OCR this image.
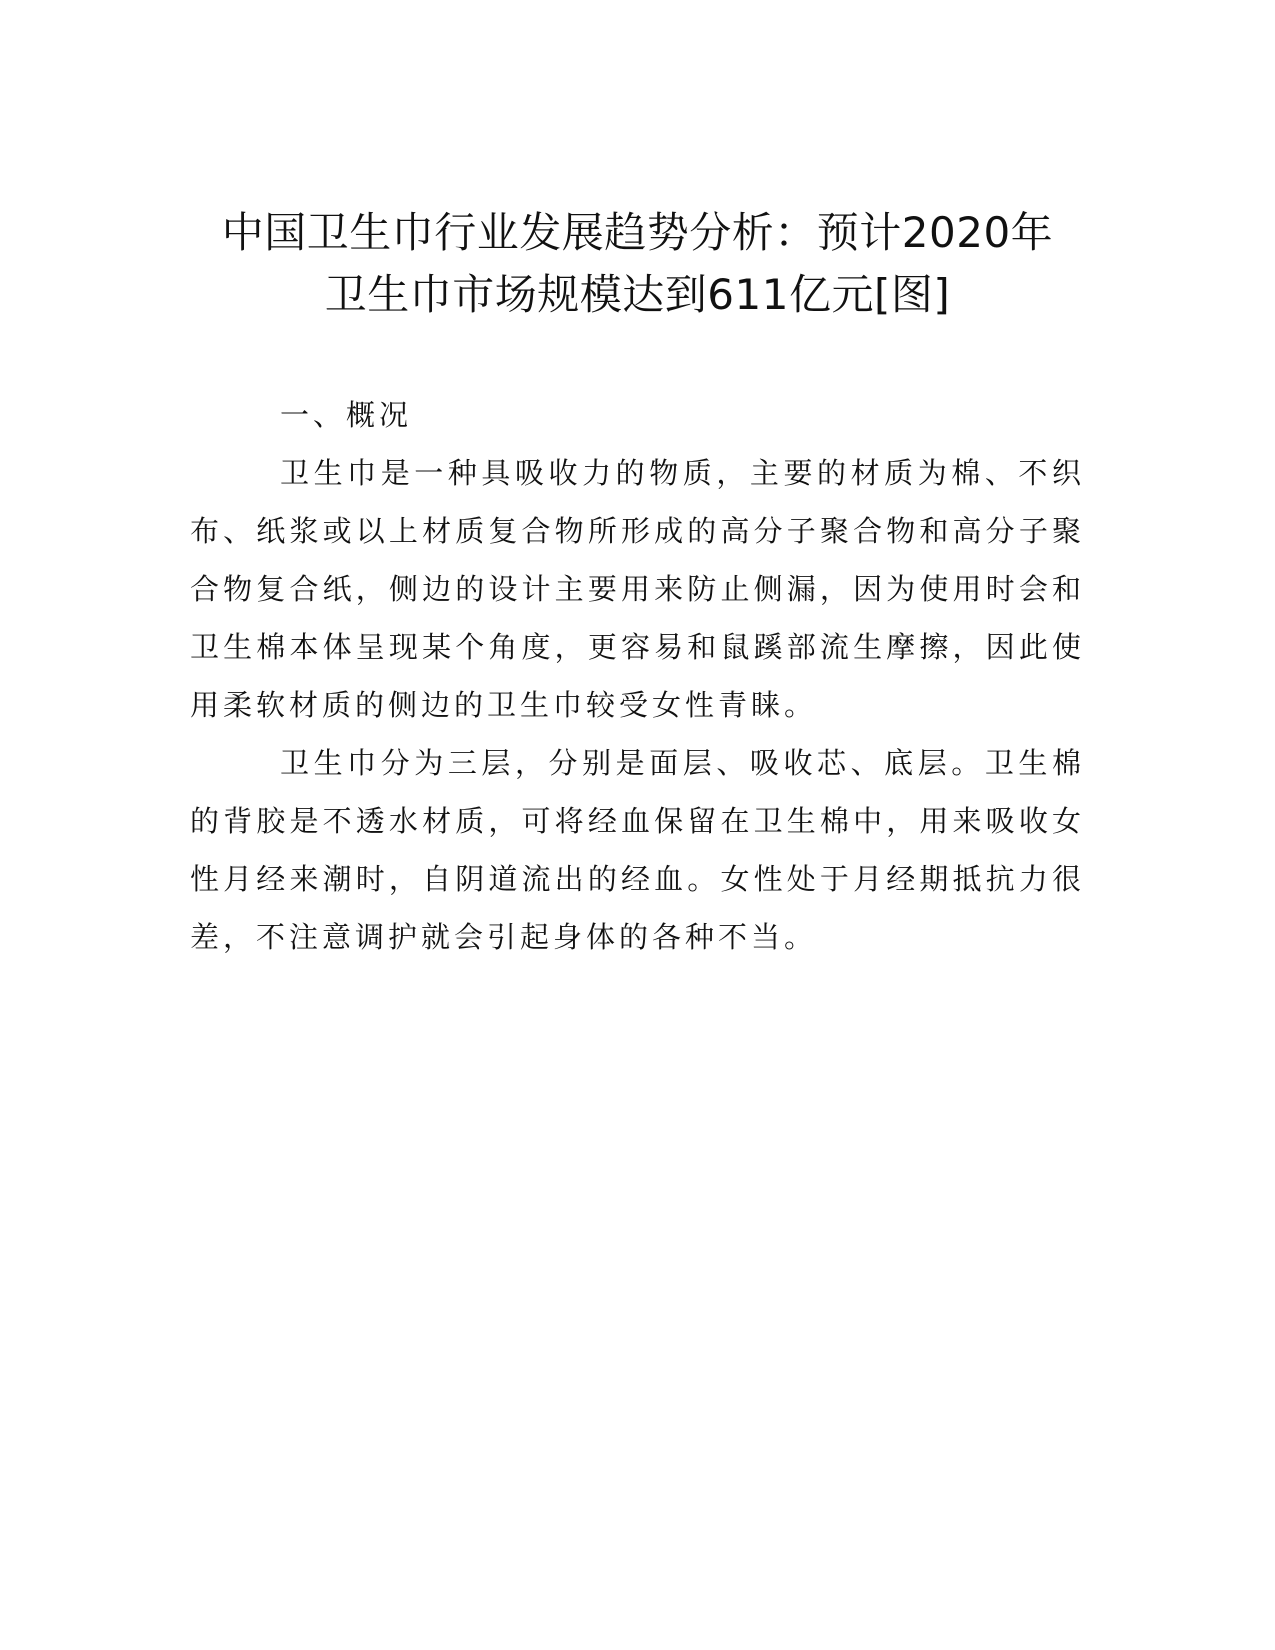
中国卫生巾行业发展趋势分析：预计2020年
卫生巾市场规模达到611亿元[图]

一、概况

卫生巾是一种具吸收力的物质，主要的材质为棉、不织布、纸浆或以上材质复合物所形成的高分子聚合物和高分子聚合物复合纸，侧边的设计主要用来防止侧漏，因为使用时会和卫生棉本体呈现某个角度，更容易和鼠蹊部流生摩擦，因此使用柔软材质的侧边的卫生巾较受女性青睐。

卫生巾分为三层，分别是面层、吸收芯、底层。卫生棉的背胶是不透水材质，可将经血保留在卫生棉中，用来吸收女性月经来潮时，自阴道流出的经血。女性处于月经期抵抗力很差，不注意调护就会引起身体的各种不当。
